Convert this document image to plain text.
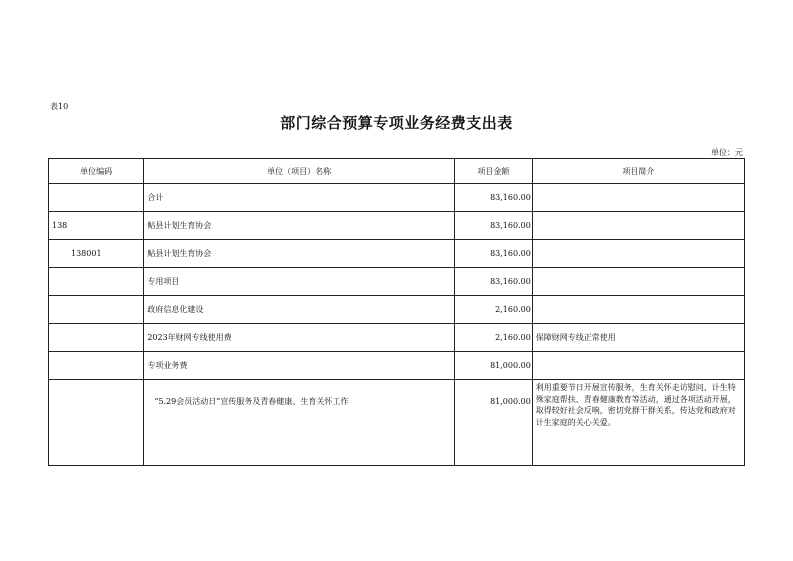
表10
部门综合预算专项业务经费支出表
单位：元
单位编码	单位（项目）名称	项目金额	项目简介
	合计	83,160.00	
138	鲇县计划生育协会	83,160.00	
138001	鲇县计划生育协会	83,160.00	
	专用项目	83,160.00	
	政府信息化建设	2,160.00	
	2023年财网专线使用费	2,160.00	保障财网专线正常使用
	专项业务费	81,000.00	
	“5.29会员活动日”宣传服务及青春健康、生育关怀工作	81,000.00	利用重要节日开展宣传服务，生育关怀走访慰问、计生特殊家庭帮扶、青春健康教育等活动，通过各项活动开展，取得较好社会反响，密切党群干群关系，传达党和政府对计生家庭的关心关爱。
